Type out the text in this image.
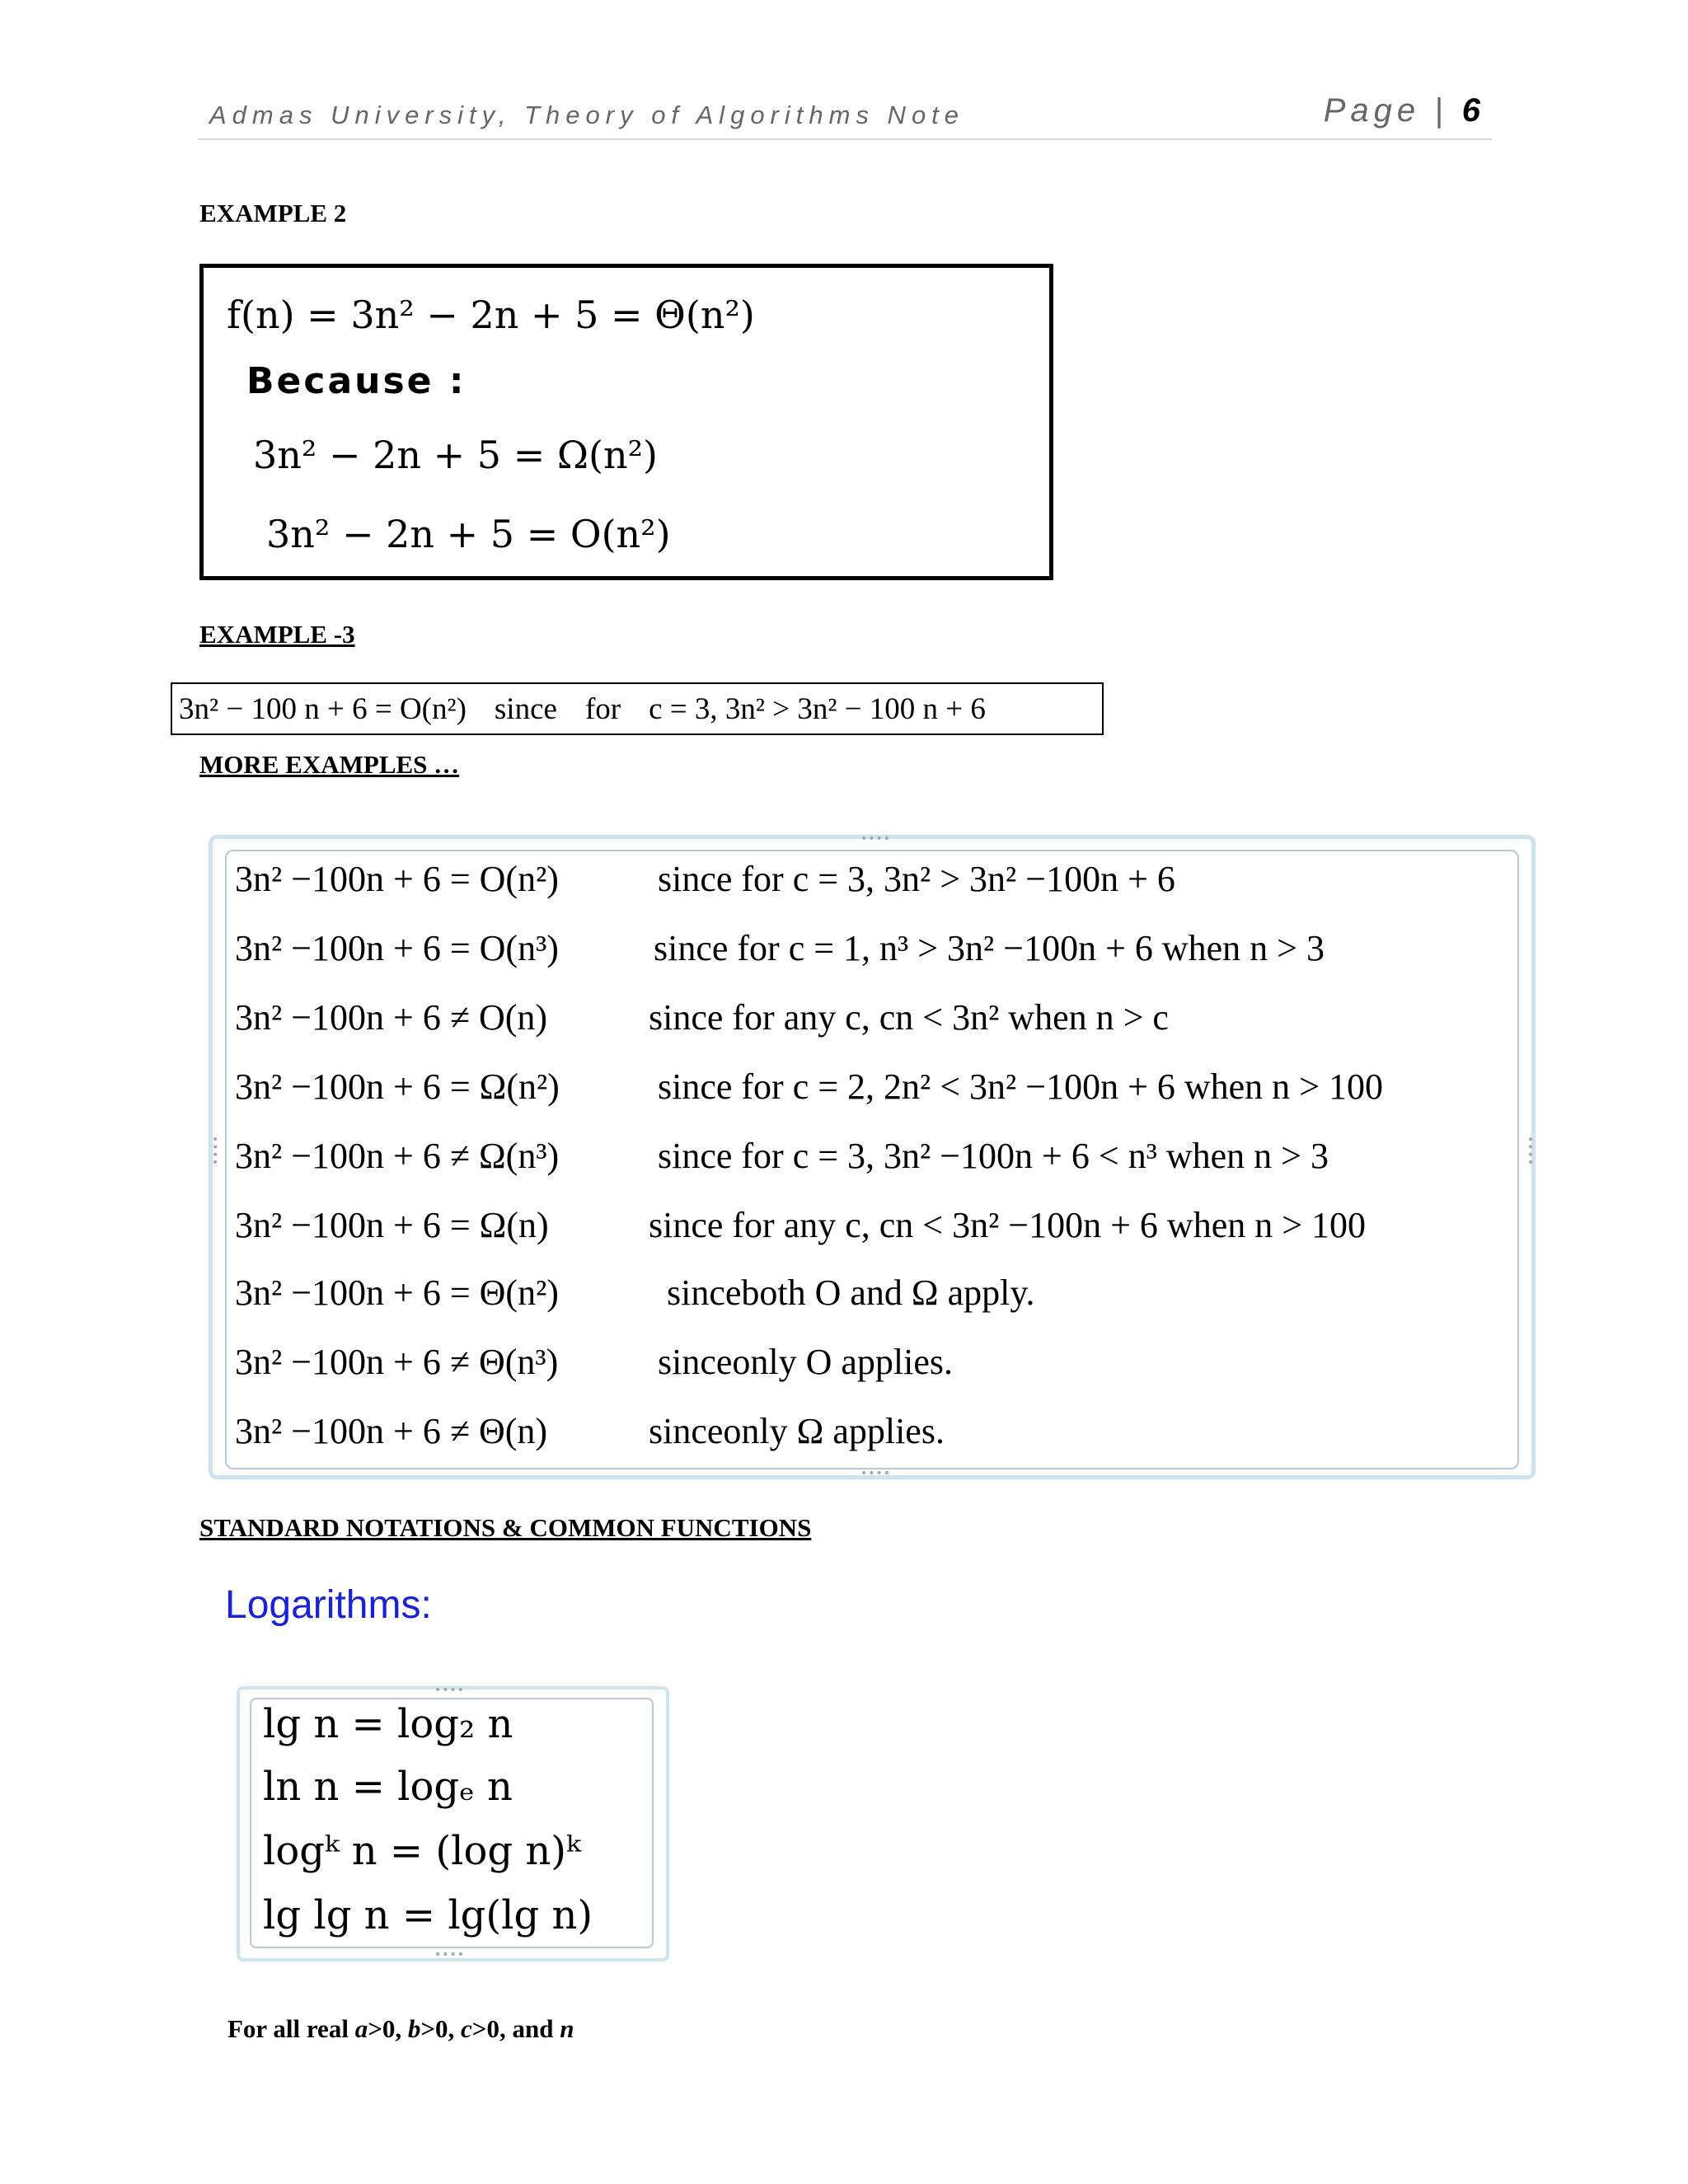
Admas University, Theory of Algorithms Note	Page | 6
EXAMPLE 2
f(n) = 3n² − 2n + 5 = Θ(n²)
Because :
3n² − 2n + 5 = Ω(n²)
3n² − 2n + 5 = O(n²)
EXAMPLE -3
3n² − 100 n + 6 = O(n²) since for c = 3, 3n² > 3n² − 100 n + 6
MORE EXAMPLES …
••••
••••
••••	••••
3n² −100n + 6 = O(n²)	since for c = 3, 3n² > 3n² −100n + 6
3n² −100n + 6 = O(n³)	since for c = 1, n³ > 3n² −100n + 6 when n > 3
3n² −100n + 6 ≠ O(n)	since for any c, cn < 3n² when n > c
3n² −100n + 6 = Ω(n²)	since for c = 2, 2n² < 3n² −100n + 6 when n > 100
3n² −100n + 6 ≠ Ω(n³)	since for c = 3, 3n² −100n + 6 < n³ when n > 3
3n² −100n + 6 = Ω(n)	since for any c, cn < 3n² −100n + 6 when n > 100
3n² −100n + 6 = Θ(n²)	sinceboth O and Ω apply.
3n² −100n + 6 ≠ Θ(n³)	sinceonly O applies.
3n² −100n + 6 ≠ Θ(n)	sinceonly Ω applies.
STANDARD NOTATIONS & COMMON FUNCTIONS
Logarithms:
••••
••••
lg n = log₂ n
ln n = logₑ n
logᵏ n = (log n)ᵏ
lg lg n = lg(lg n)
For all real a>0, b>0, c>0, and n
